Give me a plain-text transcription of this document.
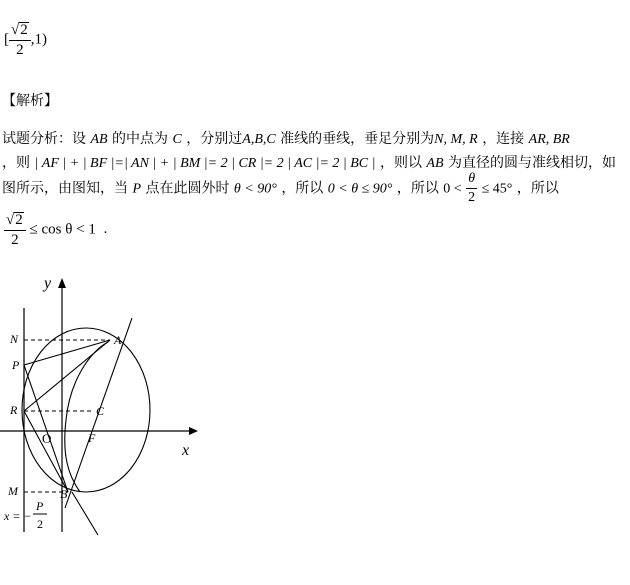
[ $\frac{√ 2}{2} ,1$)
【解析】
试题分析：设 AB 的中点为 C ，分别过A,B,C 准线的垂线，垂足分别为N, M, R ，连接 AR, BR
，则 | AF | + | BF |=| AN | + | BM |= 2 | CR |= 2 | AC |= 2 | BC | ，则以 AB 为直径的圆与准线相切，如
图所示，由图知，当 P 点在此圆外时 θ < 90° ，所以 0 < θ ≤ 90° ，所以 $0 < \frac{\theta}{2} \le 45^\circ$ ，所以
$\frac{√ 2}{2} \le \cos \theta < 1$ .
y
x
N
P
R
M
A
B
C
F
O
x = −
P
2
